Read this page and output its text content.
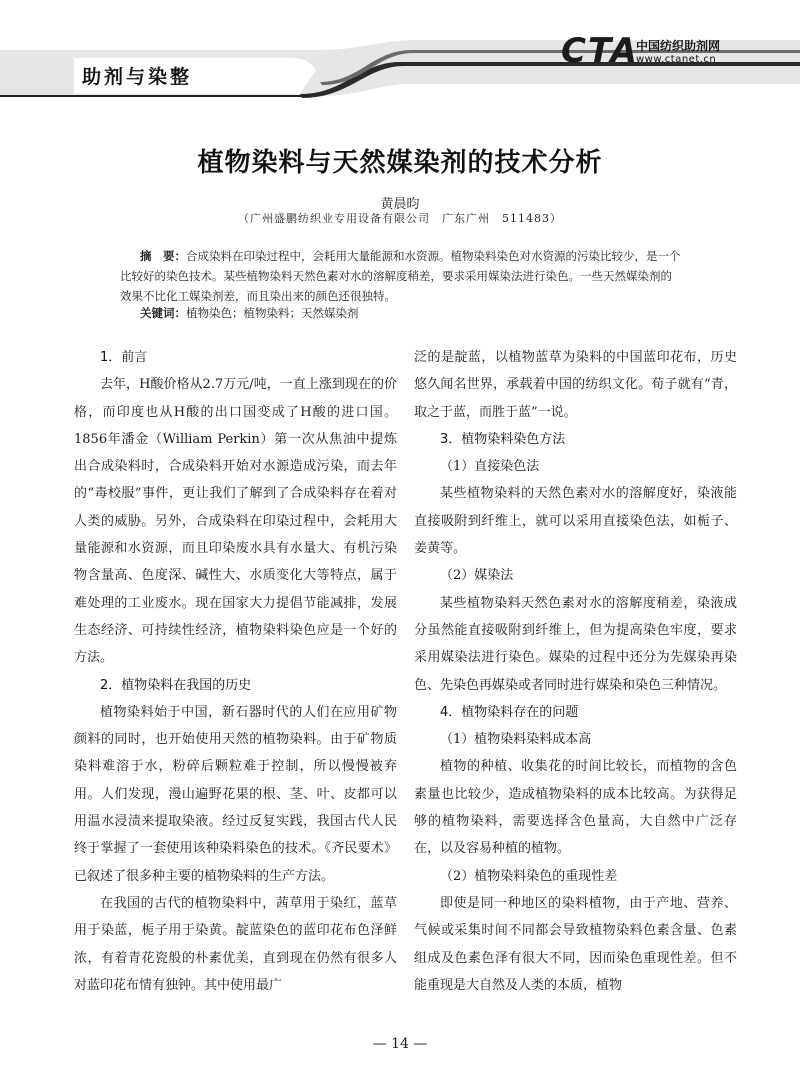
助剂与染整
CTA
中国纺织助剂网
www.ctanet.cn
植物染料与天然媒染剂的技术分析
黄晨昀
（广州盛鹏纺织业专用设备有限公司　广东广州　511483）
摘　要：合成染料在印染过程中，会耗用大量能源和水资源。植物染料染色对水资源的污染比较少，是一个比较好的染色技术。某些植物染料天然色素对水的溶解度稍差，要求采用媒染法进行染色。一些天然媒染剂的效果不比化工媒染剂差，而且染出来的颜色还很独特。
关键词：植物染色；植物染料；天然媒染剂
1．前言

去年，H酸价格从2.7万元/吨，一直上涨到现在的价格，而印度也从H酸的出口国变成了H酸的进口国。1856年潘金（William Perkin）第一次从焦油中提炼出合成染料时，合成染料开始对水源造成污染，而去年的“毒校服”事件，更让我们了解到了合成染料存在着对人类的威胁。另外，合成染料在印染过程中，会耗用大量能源和水资源，而且印染废水具有水量大、有机污染物含量高、色度深、碱性大、水质变化大等特点，属于难处理的工业废水。现在国家大力提倡节能减排，发展生态经济、可持续性经济，植物染料染色应是一个好的方法。

2．植物染料在我国的历史

植物染料始于中国，新石器时代的人们在应用矿物颜料的同时，也开始使用天然的植物染料。由于矿物质染料难溶于水，粉碎后颗粒难于控制，所以慢慢被弃用。人们发现，漫山遍野花果的根、茎、叶、皮都可以用温水浸渍来提取染液。经过反复实践，我国古代人民终于掌握了一套使用该种染料染色的技术。《齐民要术》已叙述了很多种主要的植物染料的生产方法。

在我国的古代的植物染料中，茜草用于染红，蓝草用于染蓝，栀子用于染黄。靛蓝染色的蓝印花布色泽鲜浓，有着青花瓷般的朴素优美，直到现在仍然有很多人对蓝印花布情有独钟。其中使用最广

泛的是靛蓝，以植物蓝草为染料的中国蓝印花布，历史悠久闻名世界，承载着中国的纺织文化。荀子就有“青，取之于蓝，而胜于蓝”一说。

3．植物染料染色方法
（1）直接染色法

某些植物染料的天然色素对水的溶解度好，染液能直接吸附到纤维上，就可以采用直接染色法，如栀子、姜黄等。

（2）媒染法

某些植物染料天然色素对水的溶解度稍差，染液成分虽然能直接吸附到纤维上，但为提高染色牢度，要求采用媒染法进行染色。媒染的过程中还分为先媒染再染色、先染色再媒染或者同时进行媒染和染色三种情况。

4．植物染料存在的问题
（1）植物染料染料成本高

植物的种植、收集花的时间比较长，而植物的含色素量也比较少，造成植物染料的成本比较高。为获得足够的植物染料，需要选择含色量高，大自然中广泛存在，以及容易种植的植物。

（2）植物染料染色的重现性差

即使是同一种地区的染料植物，由于产地、营养、气候或采集时间不同都会导致植物染料色素含量、色素组成及色素色泽有很大不同，因而染色重现性差。但不能重现是大自然及人类的本质，植物

— 14 —
